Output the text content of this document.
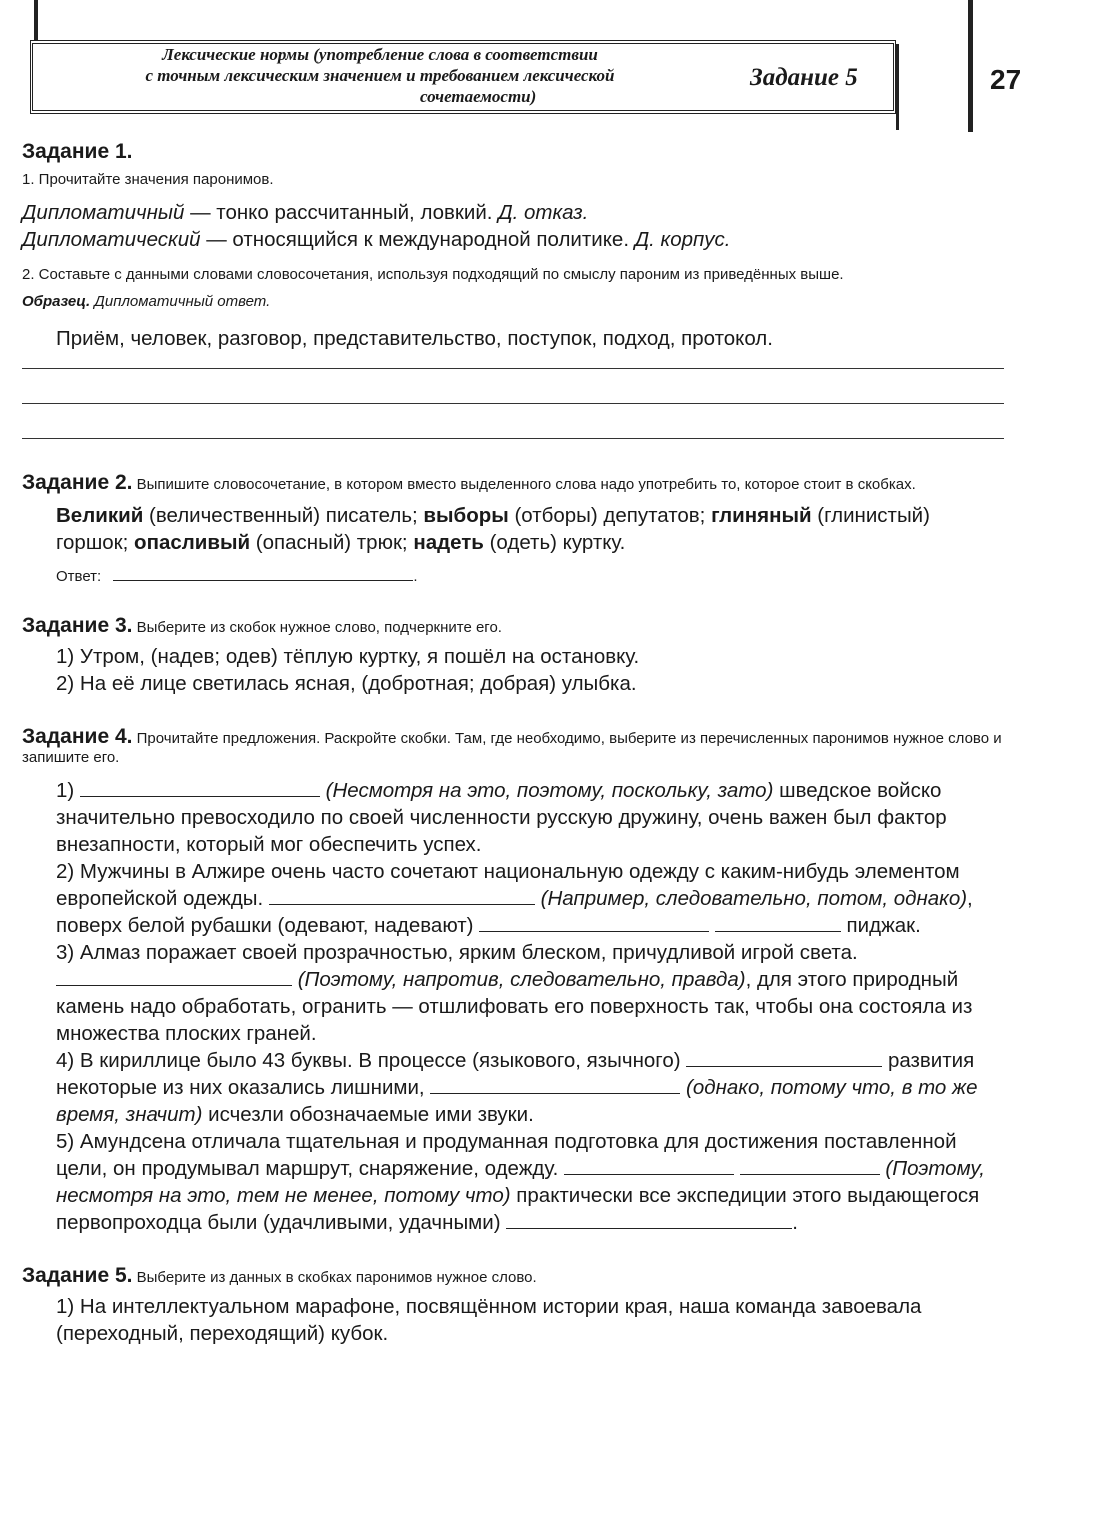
Лексические нормы (употребление слова в соответствии
с точным лексическим значением и требованием лексической
сочетаемости)
Задание 5	27
Задание 1.
1. Прочитайте значения паронимов.
Дипломатичный — тонко рассчитанный, ловкий. Д. отказ.
Дипломатический — относящийся к международной политике. Д. корпус.
2. Составьте с данными словами словосочетания, используя подходящий по смыслу пароним из приведённых выше.
Образец. Дипломатичный ответ.
Приём, человек, разговор, представительство, поступок, подход, протокол.
Задание 2. Выпишите словосочетание, в котором вместо выделенного слова надо употребить то, которое стоит в скобках.
Великий (величественный) писатель; выборы (отборы) депутатов; глиняный (глинистый) горшок; опасливый (опасный) трюк; надеть (одеть) куртку.
Ответ:	.
Задание 3. Выберите из скобок нужное слово, подчеркните его.
1) Утром, (надев; одев) тёплую куртку, я пошёл на остановку.
2) На её лице светилась ясная, (добротная; добрая) улыбка.
Задание 4. Прочитайте предложения. Раскройте скобки. Там, где необходимо, выберите из перечисленных паронимов нужное слово и запишите его.
1)	(Несмотря на это, поэтому, поскольку, зато) шведское войско значительно превосходило по своей численности русскую дружину, очень важен был фактор внезапности, который мог обеспечить успех.
2) Мужчины в Алжире очень часто сочетают национальную одежду с каким-нибудь элементом европейской одежды.	(Например, следовательно, потом, однако), поверх белой рубашки (одевают, надевают)	пиджак.
3) Алмаз поражает своей прозрачностью, ярким блеском, причудливой игрой света.  (Поэтому, напротив, следовательно, правда), для этого природный камень надо обработать, огранить — отшлифовать его поверхность так, чтобы она состояла из множества плоских граней.
4) В кириллице было 43 буквы. В процессе (языкового, язычного)	развития некоторые из них оказались лишними,	(однако, потому что, в то же время, значит) исчезли обозначаемые ими звуки.
5) Амундсена отличала тщательная и продуманная подготовка для достижения поставленной цели, он продумывал маршрут, снаряжение, одежду.	(Поэтому, несмотря на это, тем не менее, потому что) практически все экспедиции этого выдающегося первопроходца были (удачливыми, удачными)	.
Задание 5. Выберите из данных в скобках паронимов нужное слово.
1) На интеллектуальном марафоне, посвящённом истории края, наша команда завоевала (переходный, переходящий) кубок.
